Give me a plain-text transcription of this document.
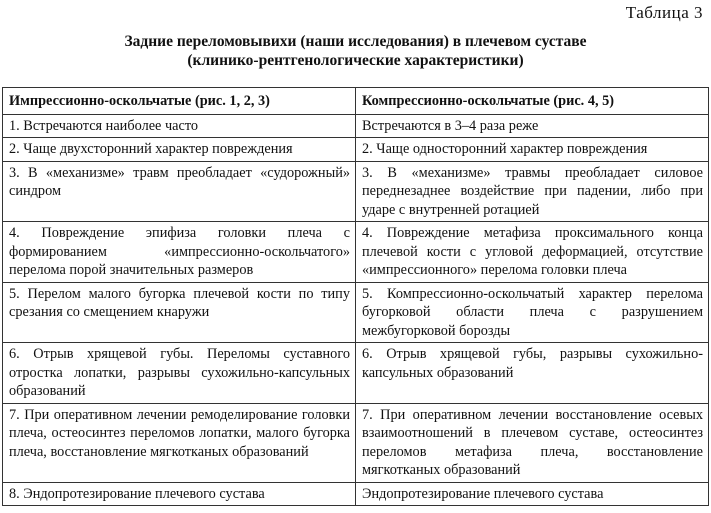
Таблица 3
Задние переломовывихи (наши исследования) в плечевом суставе
(клинико-рентгенологические характеристики)
Импрессионно-оскольчатые (рис. 1, 2, 3)	Компрессионно-оскольчатые (рис. 4, 5)
1. Встречаются наиболее часто	Встречаются в 3–4 раза реже
2. Чаще двухсторонний характер повреждения	2. Чаще односторонний характер повреждения
3. В «механизме» травм преобладает «судорожный» синдром	3. В «механизме» травмы преобладает силовое переднезаднее воздействие при падении, либо при ударе с внутренней ротацией
4. Повреждение эпифиза головки плеча с формированием «импрессионно-оскольчатого» перелома порой значительных размеров	4. Повреждение метафиза проксимального конца плечевой кости с угловой деформацией, отсутствие «импрессионного» перелома головки плеча
5. Перелом малого бугорка плечевой кости по типу срезания со смещением кнаружи	5. Компрессионно-оскольчатый характер перелома бугорковой области плеча с разрушением межбугорковой борозды
6. Отрыв хрящевой губы. Переломы суставного отростка лопатки, разрывы сухожильно-капсульных образований	6. Отрыв хрящевой губы, разрывы сухожильно-капсульных образований
7. При оперативном лечении ремоделирование головки плеча, остеосинтез переломов лопатки, малого бугорка плеча, восстановление мягкотканых образований	7. При оперативном лечении восстановление осевых взаимоотношений в плечевом суставе, остеосинтез переломов метафиза плеча, восстановление мягкотканых образований
8. Эндопротезирование плечевого сустава	Эндопротезирование плечевого сустава
